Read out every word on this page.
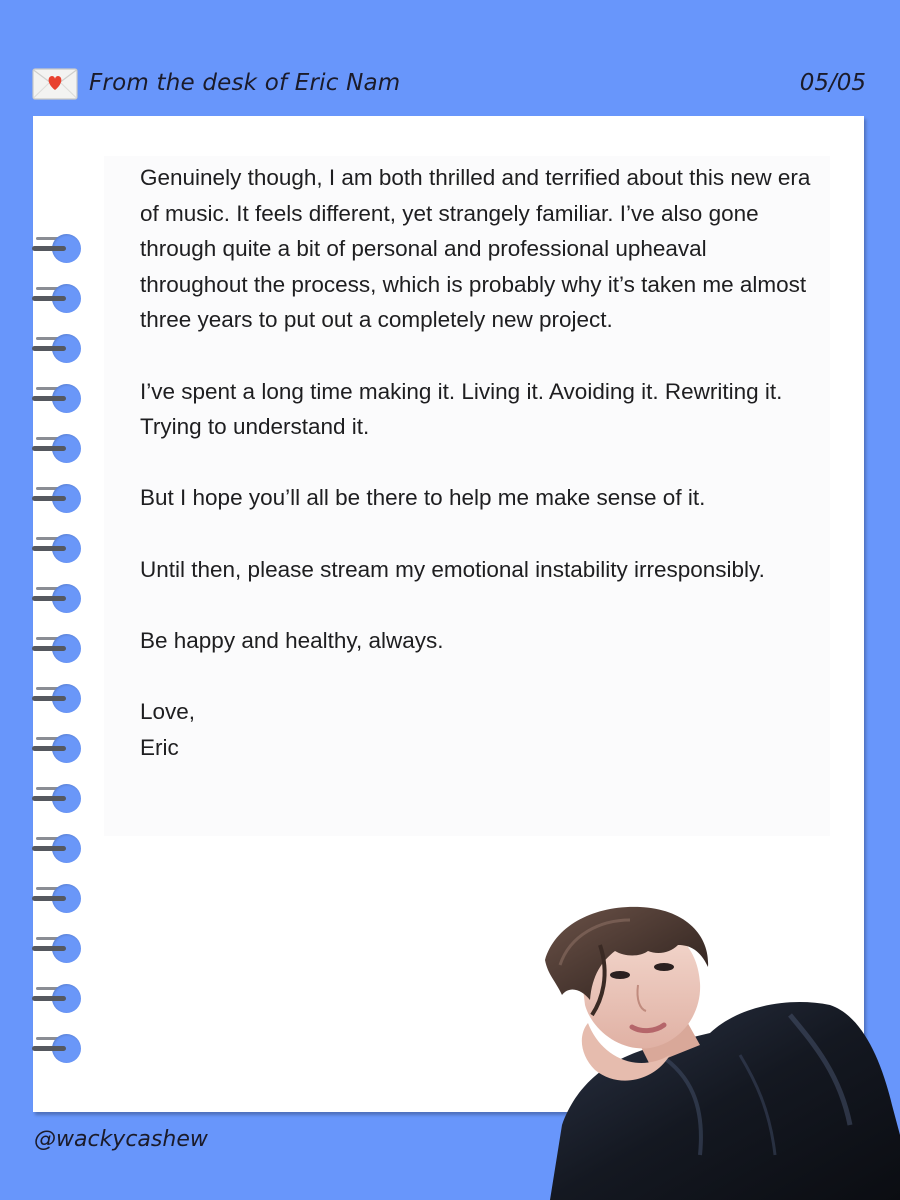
From the desk of Eric Nam	05/05

Genuinely though, I am both thrilled and terrified about this new era of music. It feels different, yet strangely familiar. I’ve also gone through quite a bit of personal and professional upheaval throughout the process, which is probably why it’s taken me almost three years to put out a completely new project.

I’ve spent a long time making it. Living it. Avoiding it. Rewriting it. Trying to understand it.

But I hope you’ll all be there to help me make sense of it.

Until then, please stream my emotional instability irresponsibly.

Be happy and healthy, always.

Love,
Eric

@wackycashew
